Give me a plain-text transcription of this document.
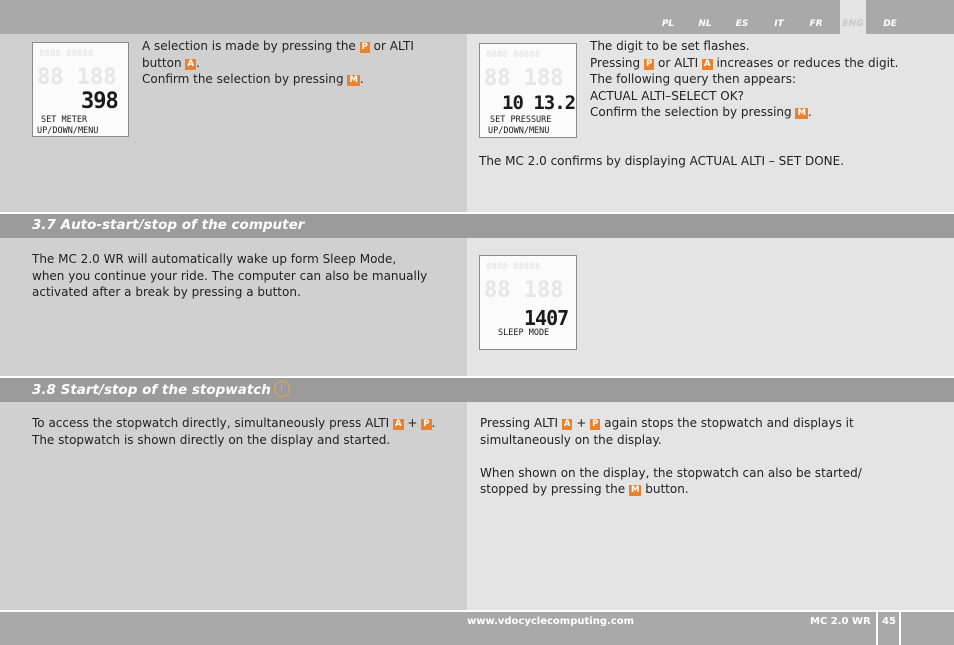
PL	NL	ES	IT	FR	ENG	DE
8888 88888
88 188
398
SET METER
UP/DOWN/MENU

A selection is made by pressing the P or ALTI

button A .

Confirm the selection by pressing M .

8888 88888
88 188
10 13.2
SET PRESSURE
UP/DOWN/MENU

The digit to be set flashes.

Pressing P or ALTI A increases or reduces the digit.

The following query then appears:

ACTUAL ALTI–SELECT OK?

Confirm the selection by pressing M .

The MC 2.0 confirms by displaying ACTUAL ALTI – SET DONE.

3.7 Auto-start/stop of the computer

The MC 2.0 WR will automatically wake up form Sleep Mode,

when you continue your ride. The computer can also be manually

activated after a break by pressing a button.

8888 88888
88 188
1407
SLEEP MODE
3.8 Start/stop of the stopwatch

To access the stopwatch directly, simultaneously press ALTI A + P .

The stopwatch is shown directly on the display and started.

Pressing ALTI A + P again stops the stopwatch and displays it

simultaneously on the display.

When shown on the display, the stopwatch can also be started/

stopped by pressing the M button.

www.vdocyclecomputing.com	MC 2.0 WR 45
